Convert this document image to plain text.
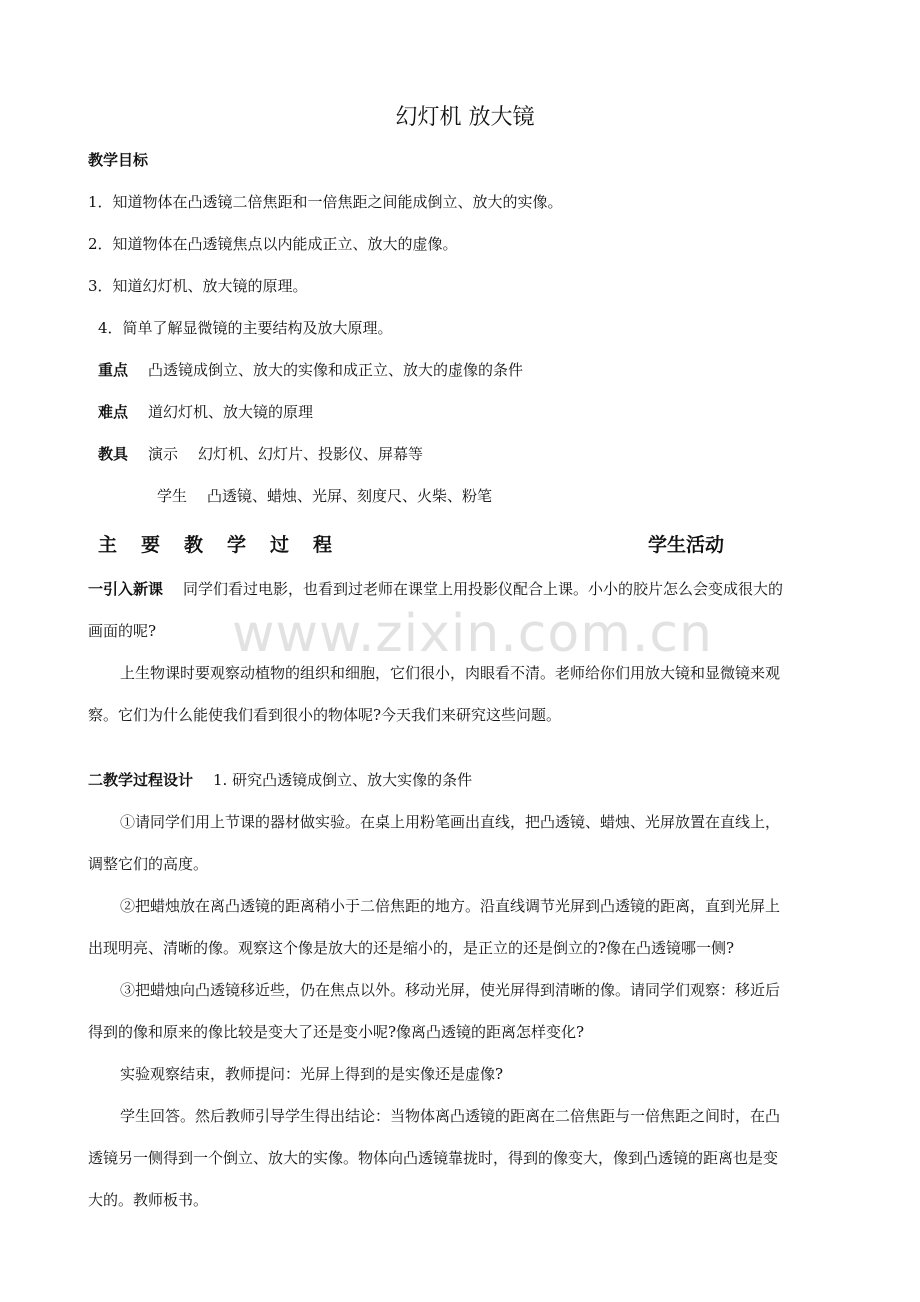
www.zixin.com.cn
幻灯机 放大镜
教学目标
1．知道物体在凸透镜二倍焦距和一倍焦距之间能成倒立、放大的实像。
2．知道物体在凸透镜焦点以内能成正立、放大的虚像。
3．知道幻灯机、放大镜的原理。
4．简单了解显微镜的主要结构及放大原理。
重点 凸透镜成倒立、放大的实像和成正立、放大的虚像的条件
难点 道幻灯机、放大镜的原理
教具 演示 幻灯机、幻灯片、投影仪、屏幕等
学生 凸透镜、蜡烛、光屏、刻度尺、火柴、粉笔
主要教学过程	学生活动
一引入新课 同学们看过电影，也看到过老师在课堂上用投影仪配合上课。小小的胶片怎么会变成很大的
画面的呢?
上生物课时要观察动植物的组织和细胞，它们很小，肉眼看不清。老师给你们用放大镜和显微镜来观
察。它们为什么能使我们看到很小的物体呢?今天我们来研究这些问题。
二教学过程设计 1. 研究凸透镜成倒立、放大实像的条件
①请同学们用上节课的器材做实验。在桌上用粉笔画出直线，把凸透镜、蜡烛、光屏放置在直线上，
调整它们的高度。
②把蜡烛放在离凸透镜的距离稍小于二倍焦距的地方。沿直线调节光屏到凸透镜的距离，直到光屏上
出现明亮、清晰的像。观察这个像是放大的还是缩小的，是正立的还是倒立的?像在凸透镜哪一侧?
③把蜡烛向凸透镜移近些，仍在焦点以外。移动光屏，使光屏得到清晰的像。请同学们观察：移近后
得到的像和原来的像比较是变大了还是变小呢?像离凸透镜的距离怎样变化?
实验观察结束，教师提问：光屏上得到的是实像还是虚像?
学生回答。然后教师引导学生得出结论：当物体离凸透镜的距离在二倍焦距与一倍焦距之间时，在凸
透镜另一侧得到一个倒立、放大的实像。物体向凸透镜靠拢时，得到的像变大，像到凸透镜的距离也是变
大的。教师板书。
